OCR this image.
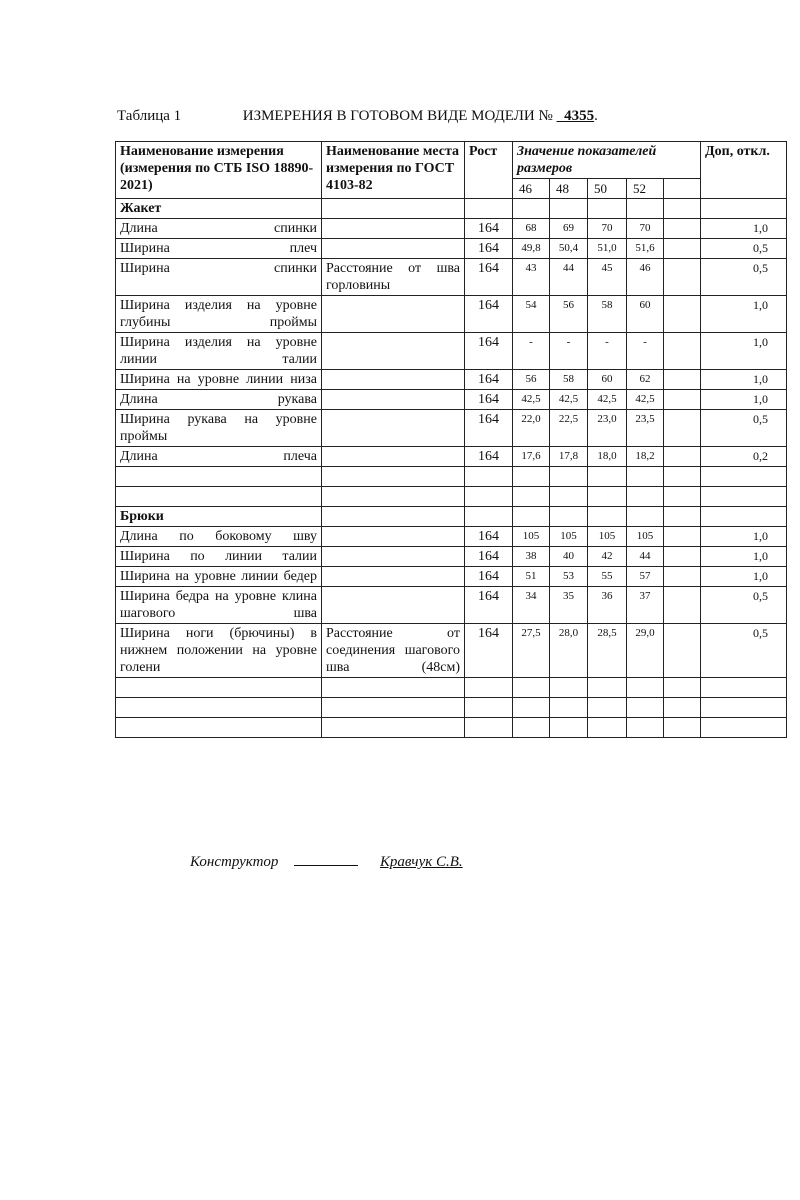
Таблица 1	ИЗМЕРЕНИЯ В ГОТОВОМ ВИДЕ МОДЕЛИ № 4355.
Наименование измерения (измерения по СТБ ISO 18890-2021)	Наименование места измерения по ГОСТ 4103-82	Рост	Значение показателей размеров					Доп, откл.
			46	48	50	52		
Жакет								
Длина спинки		164	68	69	70	70		1,0
Ширина плеч		164	49,8	50,4	51,0	51,6		0,5
Ширина спинки	Расстояние от шва горловины	164	43	44	45	46		0,5
Ширина изделия на уровне глубины проймы		164	54	56	58	60		1,0
Ширина изделия на уровне линии талии		164	-	-	-	-		1,0
Ширина на уровне линии низа		164	56	58	60	62		1,0
Длина рукава		164	42,5	42,5	42,5	42,5		1,0
Ширина рукава на уровне проймы		164	22,0	22,5	23,0	23,5		0,5
Длина плеча		164	17,6	17,8	18,0	18,2		0,2

Брюки								
Длина по боковому шву		164	105	105	105	105		1,0
Ширина по линии талии		164	38	40	42	44		1,0
Ширина на уровне линии бедер		164	51	53	55	57		1,0
Ширина бедра на уровне клина шагового шва		164	34	35	36	37		0,5
Ширина ноги (брючины) в нижнем положении на уровне голени	Расстояние от соединения шагового шва (48см)	164	27,5	28,0	28,5	29,0		0,5

Конструктор	Кравчук С.В.
